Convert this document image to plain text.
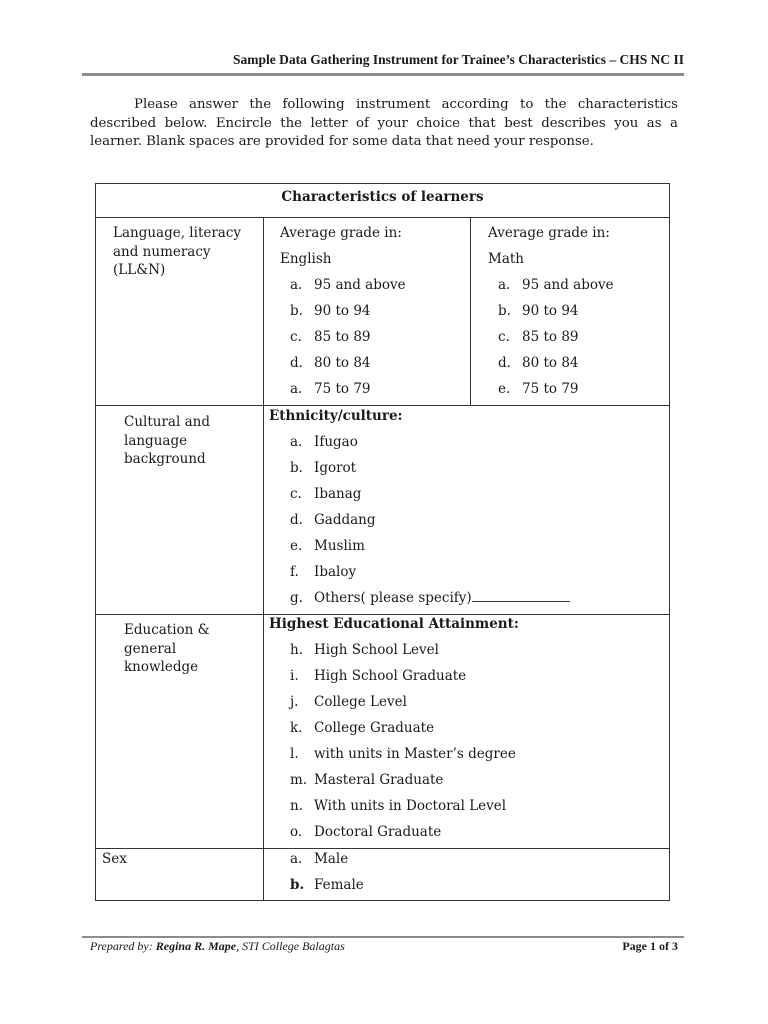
Sample Data Gathering Instrument for Trainee’s Characteristics – CHS NC II
Please answer the following instrument according to the characteristics described below. Encircle the letter of your choice that best describes you as a learner. Blank spaces are provided for some data that need your response.
Characteristics of learners
Language, literacy and numeracy (LL&N)
Average grade in:
English
a. 95 and above
b. 90 to 94
c. 85 to 89
d. 80 to 84
a. 75 to 79
Average grade in:
Math
a. 95 and above
b. 90 to 94
c. 85 to 89
d. 80 to 84
e. 75 to 79
Cultural and language background
Ethnicity/culture:
a. Ifugao
b. Igorot
c. Ibanag
d. Gaddang
e. Muslim
f. Ibaloy
g. Others( please specify)
Education & general knowledge
Highest Educational Attainment:
h. High School Level
i. High School Graduate
j. College Level
k. College Graduate
l. with units in Master’s degree
m. Masteral Graduate
n. With units in Doctoral Level
o. Doctoral Graduate
Sex	a. Male
b. Female
Prepared by: Regina R. Mape, STI College Balagtas	Page 1 of 3
